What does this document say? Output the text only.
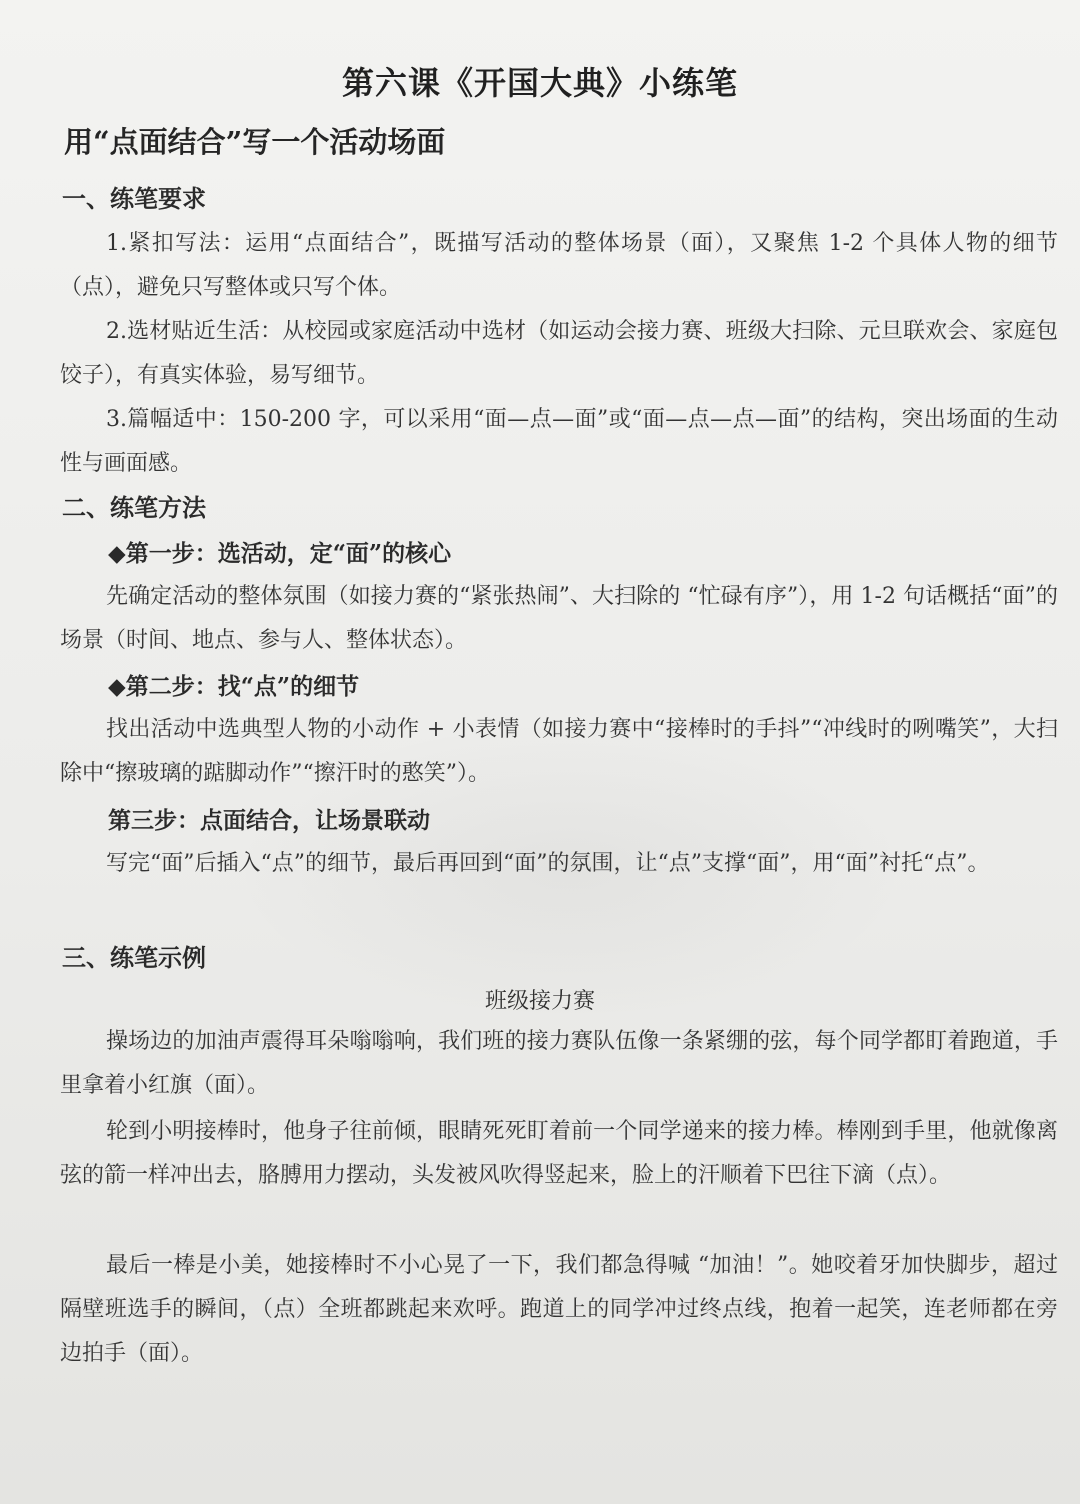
第六课《开国大典》小练笔
用“点面结合”写一个活动场面
一、练笔要求
1.紧扣写法：运用“点面结合”，既描写活动的整体场景（面），又聚焦 1-2 个具体人物的细节（点），避免只写整体或只写个体。
2.选材贴近生活：从校园或家庭活动中选材（如运动会接力赛、班级大扫除、元旦联欢会、家庭包饺子），有真实体验，易写细节。
3.篇幅适中：150-200 字，可以采用“面—点—面”或“面—点—点—面”的结构，突出场面的生动性与画面感。
二、练笔方法
◆第一步：选活动，定“面”的核心
先确定活动的整体氛围（如接力赛的“紧张热闹”、大扫除的 “忙碌有序”），用 1-2 句话概括“面”的场景（时间、地点、参与人、整体状态）。
◆第二步：找“点”的细节
找出活动中选典型人物的小动作 + 小表情（如接力赛中“接棒时的手抖”“冲线时的咧嘴笑”，大扫除中“擦玻璃的踮脚动作”“擦汗时的憨笑”）。
第三步：点面结合，让场景联动
写完“面”后插入“点”的细节，最后再回到“面”的氛围，让“点”支撑“面”，用“面”衬托“点”。
三、练笔示例
班级接力赛
操场边的加油声震得耳朵嗡嗡响，我们班的接力赛队伍像一条紧绷的弦，每个同学都盯着跑道，手里拿着小红旗（面）。
轮到小明接棒时，他身子往前倾，眼睛死死盯着前一个同学递来的接力棒。棒刚到手里，他就像离弦的箭一样冲出去，胳膊用力摆动，头发被风吹得竖起来，脸上的汗顺着下巴往下滴（点）。
最后一棒是小美，她接棒时不小心晃了一下，我们都急得喊 “加油！”。她咬着牙加快脚步，超过隔壁班选手的瞬间，（点）全班都跳起来欢呼。跑道上的同学冲过终点线，抱着一起笑，连老师都在旁边拍手（面）。
